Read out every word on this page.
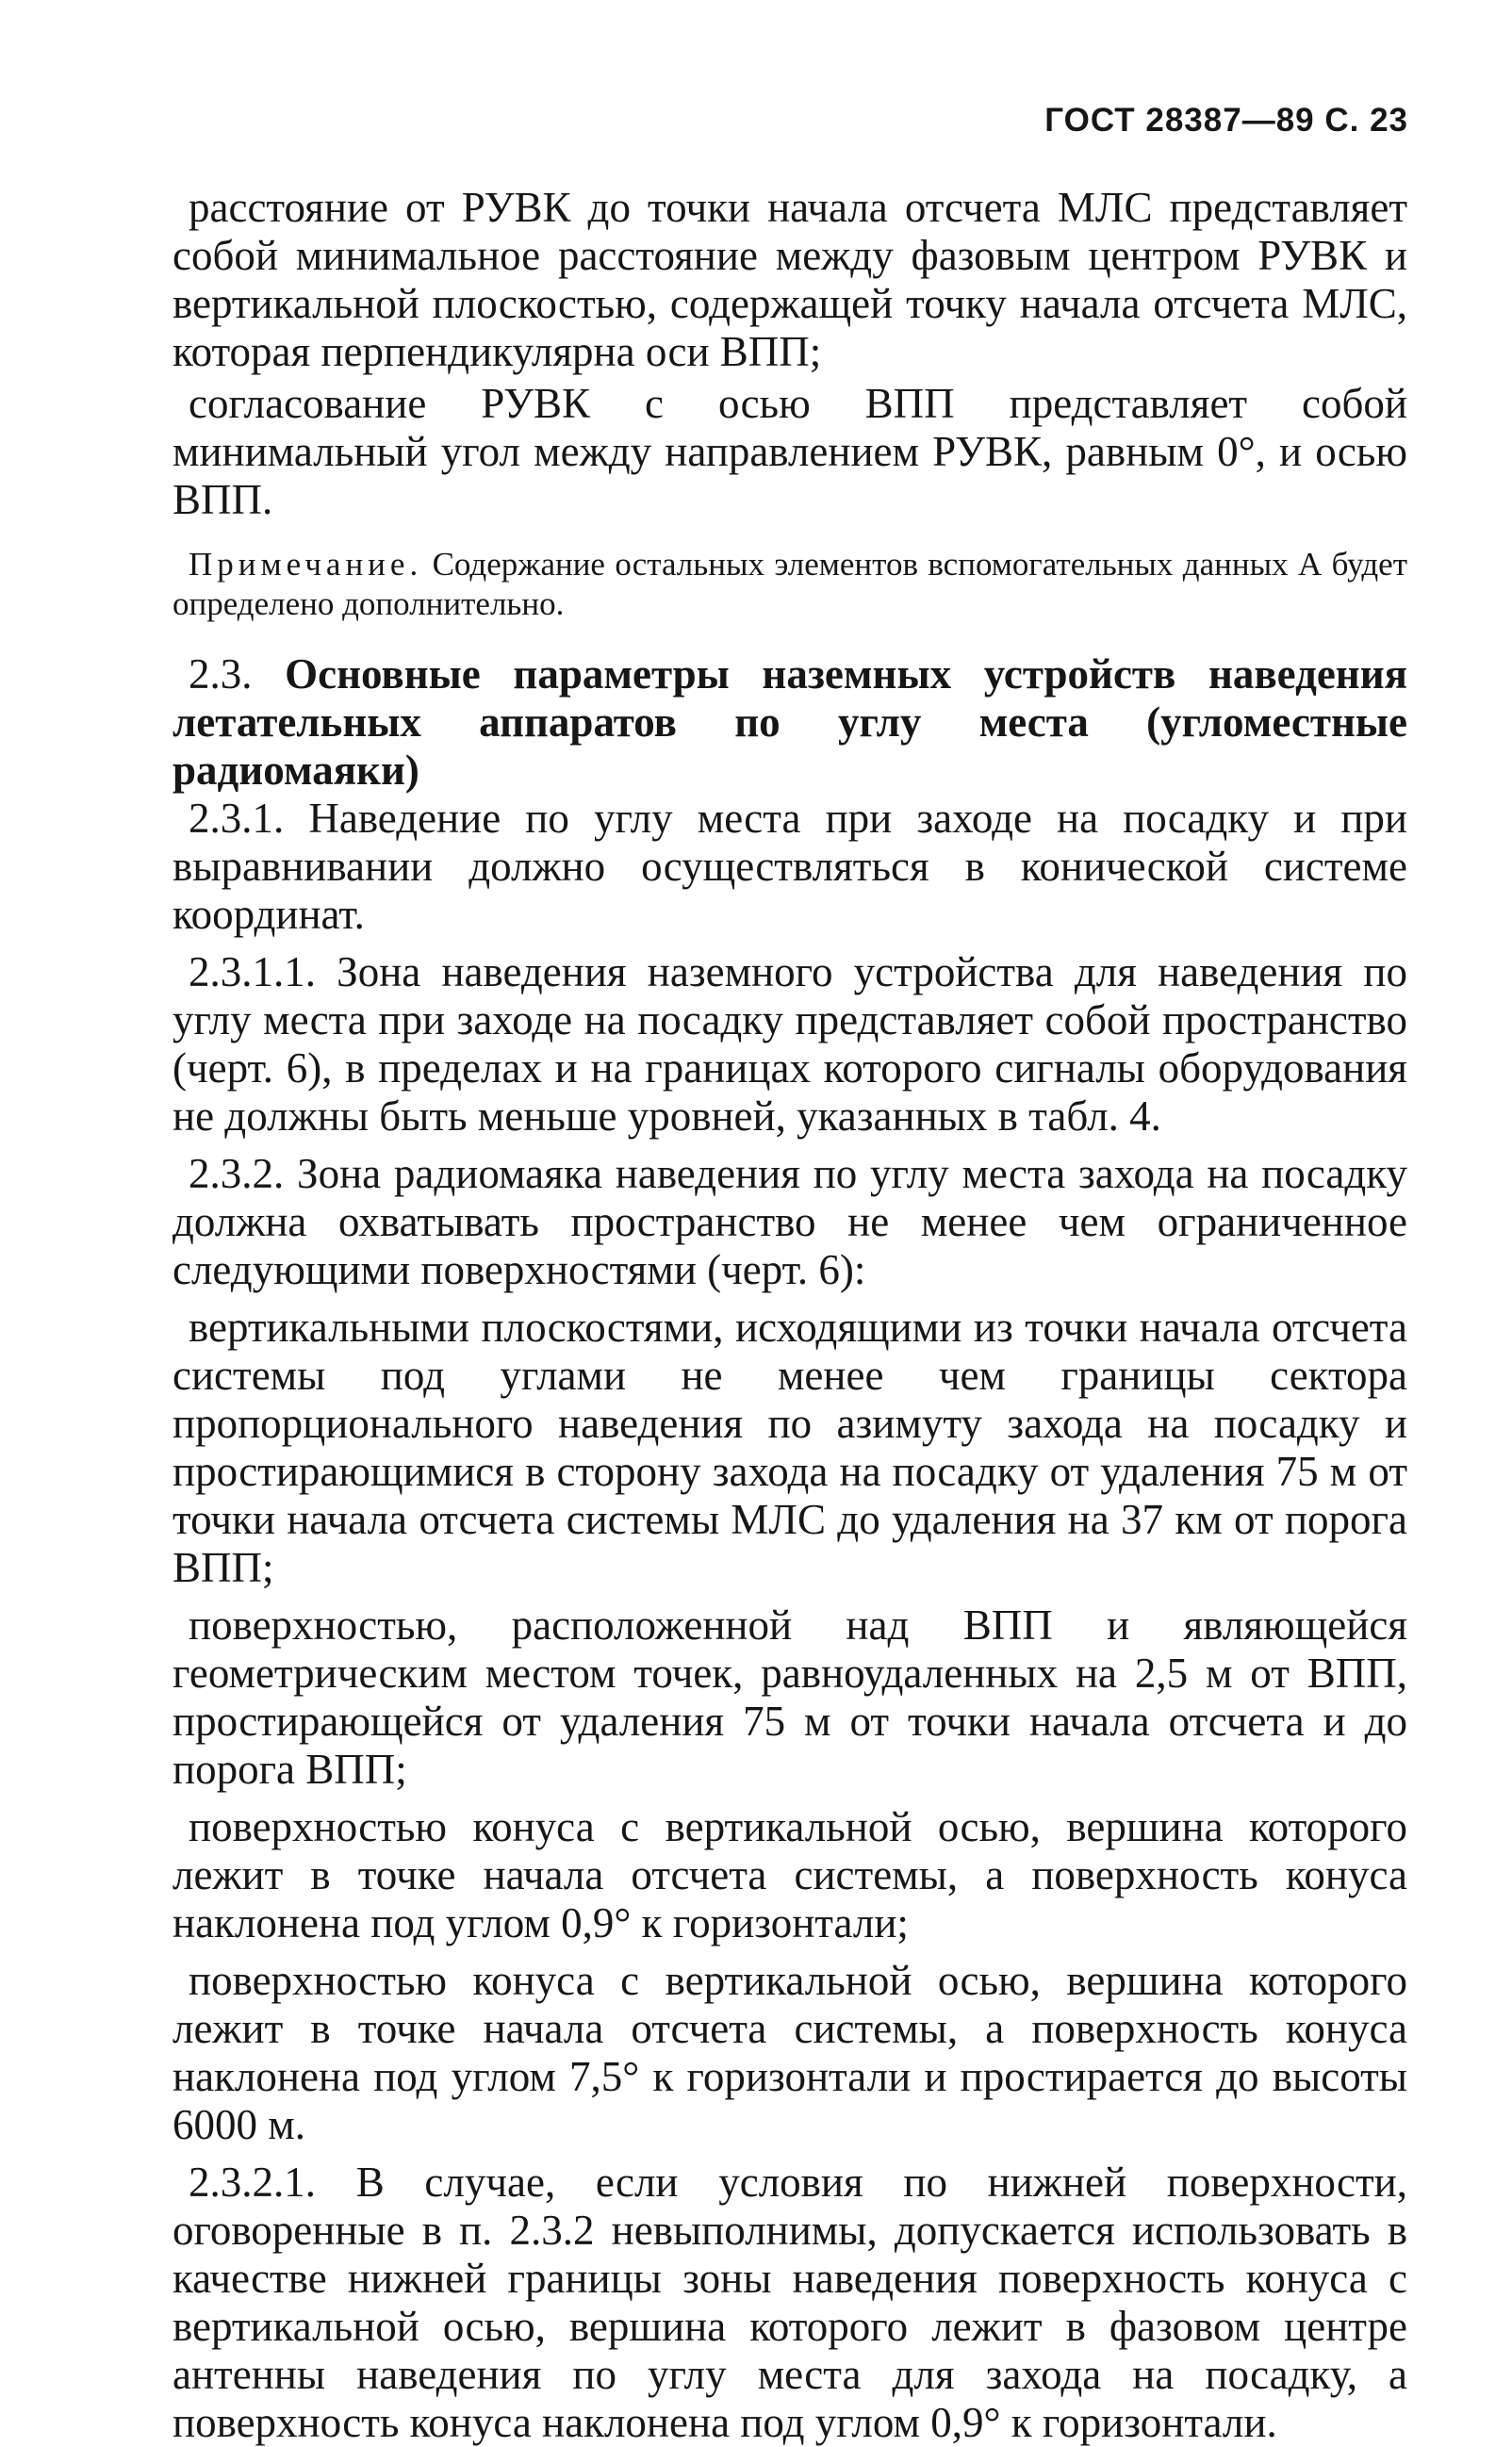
ГОСТ 28387—89 С. 23

расстояние от РУВК до точки начала отсчета МЛС представляет собой минимальное расстояние между фазовым центром РУВК и вертикальной плоскостью, содержащей точку начала отсчета МЛС, которая перпендикулярна оси ВПП;

согласование РУВК с осью ВПП представляет собой минимальный угол между направлением РУВК, равным 0°, и осью ВПП.

Примечание. Содержание остальных элементов вспомогательных данных А будет определено дополнительно.

2.3. Основные параметры наземных устройств наведения летательных аппаратов по углу места (угломестные радиомаяки)

2.3.1. Наведение по углу места при заходе на посадку и при выравнивании должно осуществляться в конической системе координат.

2.3.1.1. Зона наведения наземного устройства для наведения по углу места при заходе на посадку представляет собой пространство (черт. 6), в пределах и на границах которого сигналы оборудования не должны быть меньше уровней, указанных в табл. 4.

2.3.2. Зона радиомаяка наведения по углу места захода на посадку должна охватывать пространство не менее чем ограниченное следующими поверхностями (черт. 6):

вертикальными плоскостями, исходящими из точки начала отсчета системы под углами не менее чем границы сектора пропорционального наведения по азимуту захода на посадку и простирающимися в сторону захода на посадку от удаления 75 м от точки начала отсчета системы МЛС до удаления на 37 км от порога ВПП;

поверхностью, расположенной над ВПП и являющейся геометрическим местом точек, равноудаленных на 2,5 м от ВПП, простирающейся от удаления 75 м от точки начала отсчета и до порога ВПП;

поверхностью конуса с вертикальной осью, вершина которого лежит в точке начала отсчета системы, а поверхность конуса наклонена под углом 0,9° к горизонтали;

поверхностью конуса с вертикальной осью, вершина которого лежит в точке начала отсчета системы, а поверхность конуса наклонена под углом 7,5° к горизонтали и простирается до высоты 6000 м.

2.3.2.1. В случае, если условия по нижней поверхности, оговоренные в п. 2.3.2 невыполнимы, допускается использовать в качестве нижней границы зоны наведения поверхность конуса с вертикальной осью, вершина которого лежит в фазовом центре антенны наведения по углу места для захода на посадку, а поверхность конуса наклонена под углом 0,9° к горизонтали.
